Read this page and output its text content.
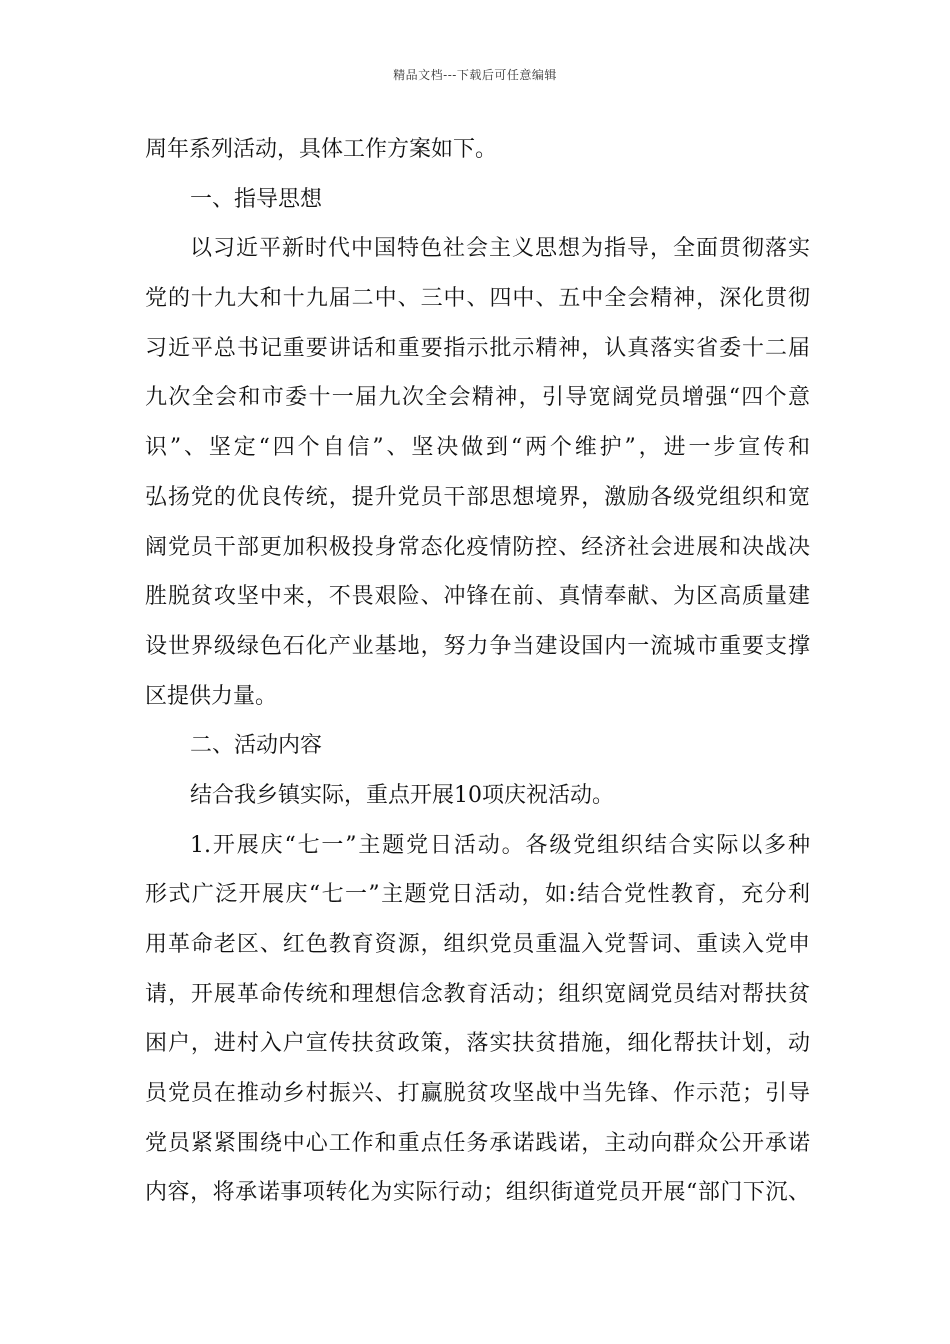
精品文档---下载后可任意编辑
周年系列活动，具体工作方案如下。
一、指导思想
以习近平新时代中国特色社会主义思想为指导，全面贯彻落实
党的十九大和十九届二中、三中、四中、五中全会精神，深化贯彻
习近平总书记重要讲话和重要指示批示精神，认真落实省委十二届
九次全会和市委十一届九次全会精神，引导宽阔党员增强“四个意
识”、坚定“四个自信”、坚决做到“两个维护”，进一步宣传和
弘扬党的优良传统，提升党员干部思想境界，激励各级党组织和宽
阔党员干部更加积极投身常态化疫情防控、经济社会进展和决战决
胜脱贫攻坚中来，不畏艰险、冲锋在前、真情奉献、为区高质量建
设世界级绿色石化产业基地，努力争当建设国内一流城市重要支撑
区提供力量。
二、活动内容
结合我乡镇实际，重点开展10项庆祝活动。
1.开展庆“七一”主题党日活动。各级党组织结合实际以多种
形式广泛开展庆“七一”主题党日活动，如:结合党性教育，充分利
用革命老区、红色教育资源，组织党员重温入党誓词、重读入党申
请，开展革命传统和理想信念教育活动；组织宽阔党员结对帮扶贫
困户，进村入户宣传扶贫政策，落实扶贫措施，细化帮扶计划，动
员党员在推动乡村振兴、打赢脱贫攻坚战中当先锋、作示范；引导
党员紧紧围绕中心工作和重点任务承诺践诺，主动向群众公开承诺
内容，将承诺事项转化为实际行动；组织街道党员开展“部门下沉、
